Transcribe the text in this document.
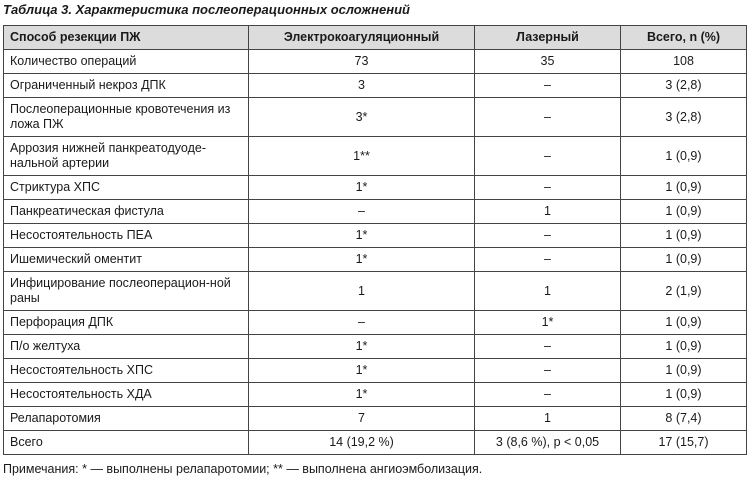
Таблица 3. Характеристика послеоперационных осложнений
Способ резекции ПЖ	Электрокоагуляционный	Лазерный	Всего, n (%)
Количество операций	73	35	108
Ограниченный некроз ДПК	3	–	3 (2,8)
Послеоперационные кровотечения из ложа ПЖ	3*	–	3 (2,8)
Аррозия нижней панкреатодуоде-нальной артерии	1**	–	1 (0,9)
Стриктура ХПС	1*	–	1 (0,9)
Панкреатическая фистула	–	1	1 (0,9)
Несостоятельность ПЕА	1*	–	1 (0,9)
Ишемический оментит	1*	–	1 (0,9)
Инфицирование послеоперацион-ной раны	1	1	2 (1,9)
Перфорация ДПК	–	1*	1 (0,9)
П/о желтуха	1*	–	1 (0,9)
Несостоятельность ХПС	1*	–	1 (0,9)
Несостоятельность ХДА	1*	–	1 (0,9)
Релапаротомия	7	1	8 (7,4)
Всего	14 (19,2 %)	3 (8,6 %), p < 0,05	17 (15,7)
Примечания: * — выполнены релапаротомии; ** — выполнена ангиоэмболизация.
